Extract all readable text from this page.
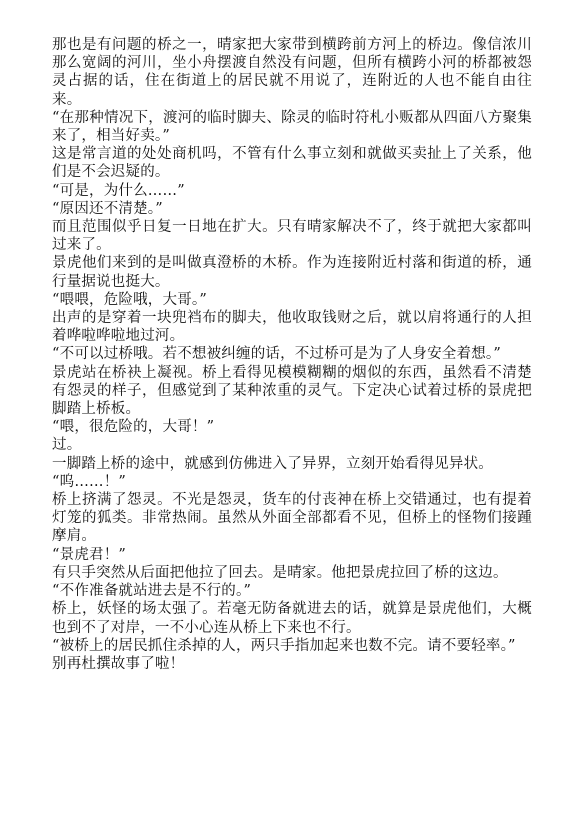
那也是有问题的桥之一，晴家把大家带到横跨前方河上的桥边。像信浓川那么宽阔的河川，坐小舟摆渡自然没有问题，但所有横跨小河的桥都被怨灵占据的话，住在街道上的居民就不用说了，连附近的人也不能自由往来。

“在那种情况下，渡河的临时脚夫、除灵的临时符札小贩都从四面八方聚集来了，相当好卖。”

这是常言道的处处商机吗，不管有什么事立刻和就做买卖扯上了关系，他们是不会迟疑的。

“可是，为什么……”

“原因还不清楚。”

而且范围似乎日复一日地在扩大。只有晴家解决不了，终于就把大家都叫过来了。

景虎他们来到的是叫做真澄桥的木桥。作为连接附近村落和街道的桥，通行量据说也挺大。

“喂喂，危险哦，大哥。”

出声的是穿着一块兜裆布的脚夫，他收取钱财之后，就以肩将通行的人担着哗啦哗啦地过河。

“不可以过桥哦。若不想被纠缠的话，不过桥可是为了人身安全着想。”

景虎站在桥袂上凝视。桥上看得见模模糊糊的烟似的东西，虽然看不清楚有怨灵的样子，但感觉到了某种浓重的灵气。下定决心试着过桥的景虎把脚踏上桥板。

“喂，很危险的，大哥！”

过。

一脚踏上桥的途中，就感到仿佛进入了异界，立刻开始看得见异状。

“呜……！”

桥上挤满了怨灵。不光是怨灵，货车的付丧神在桥上交错通过，也有提着灯笼的狐类。非常热闹。虽然从外面全部都看不见，但桥上的怪物们接踵摩肩。

“景虎君！”

有只手突然从后面把他拉了回去。是晴家。他把景虎拉回了桥的这边。

“不作准备就站进去是不行的。”

桥上，妖怪的场太强了。若毫无防备就进去的话，就算是景虎他们，大概也到不了对岸，一不小心连从桥上下来也不行。

“被桥上的居民抓住杀掉的人，两只手指加起来也数不完。请不要轻率。”

别再杜撰故事了啦！
